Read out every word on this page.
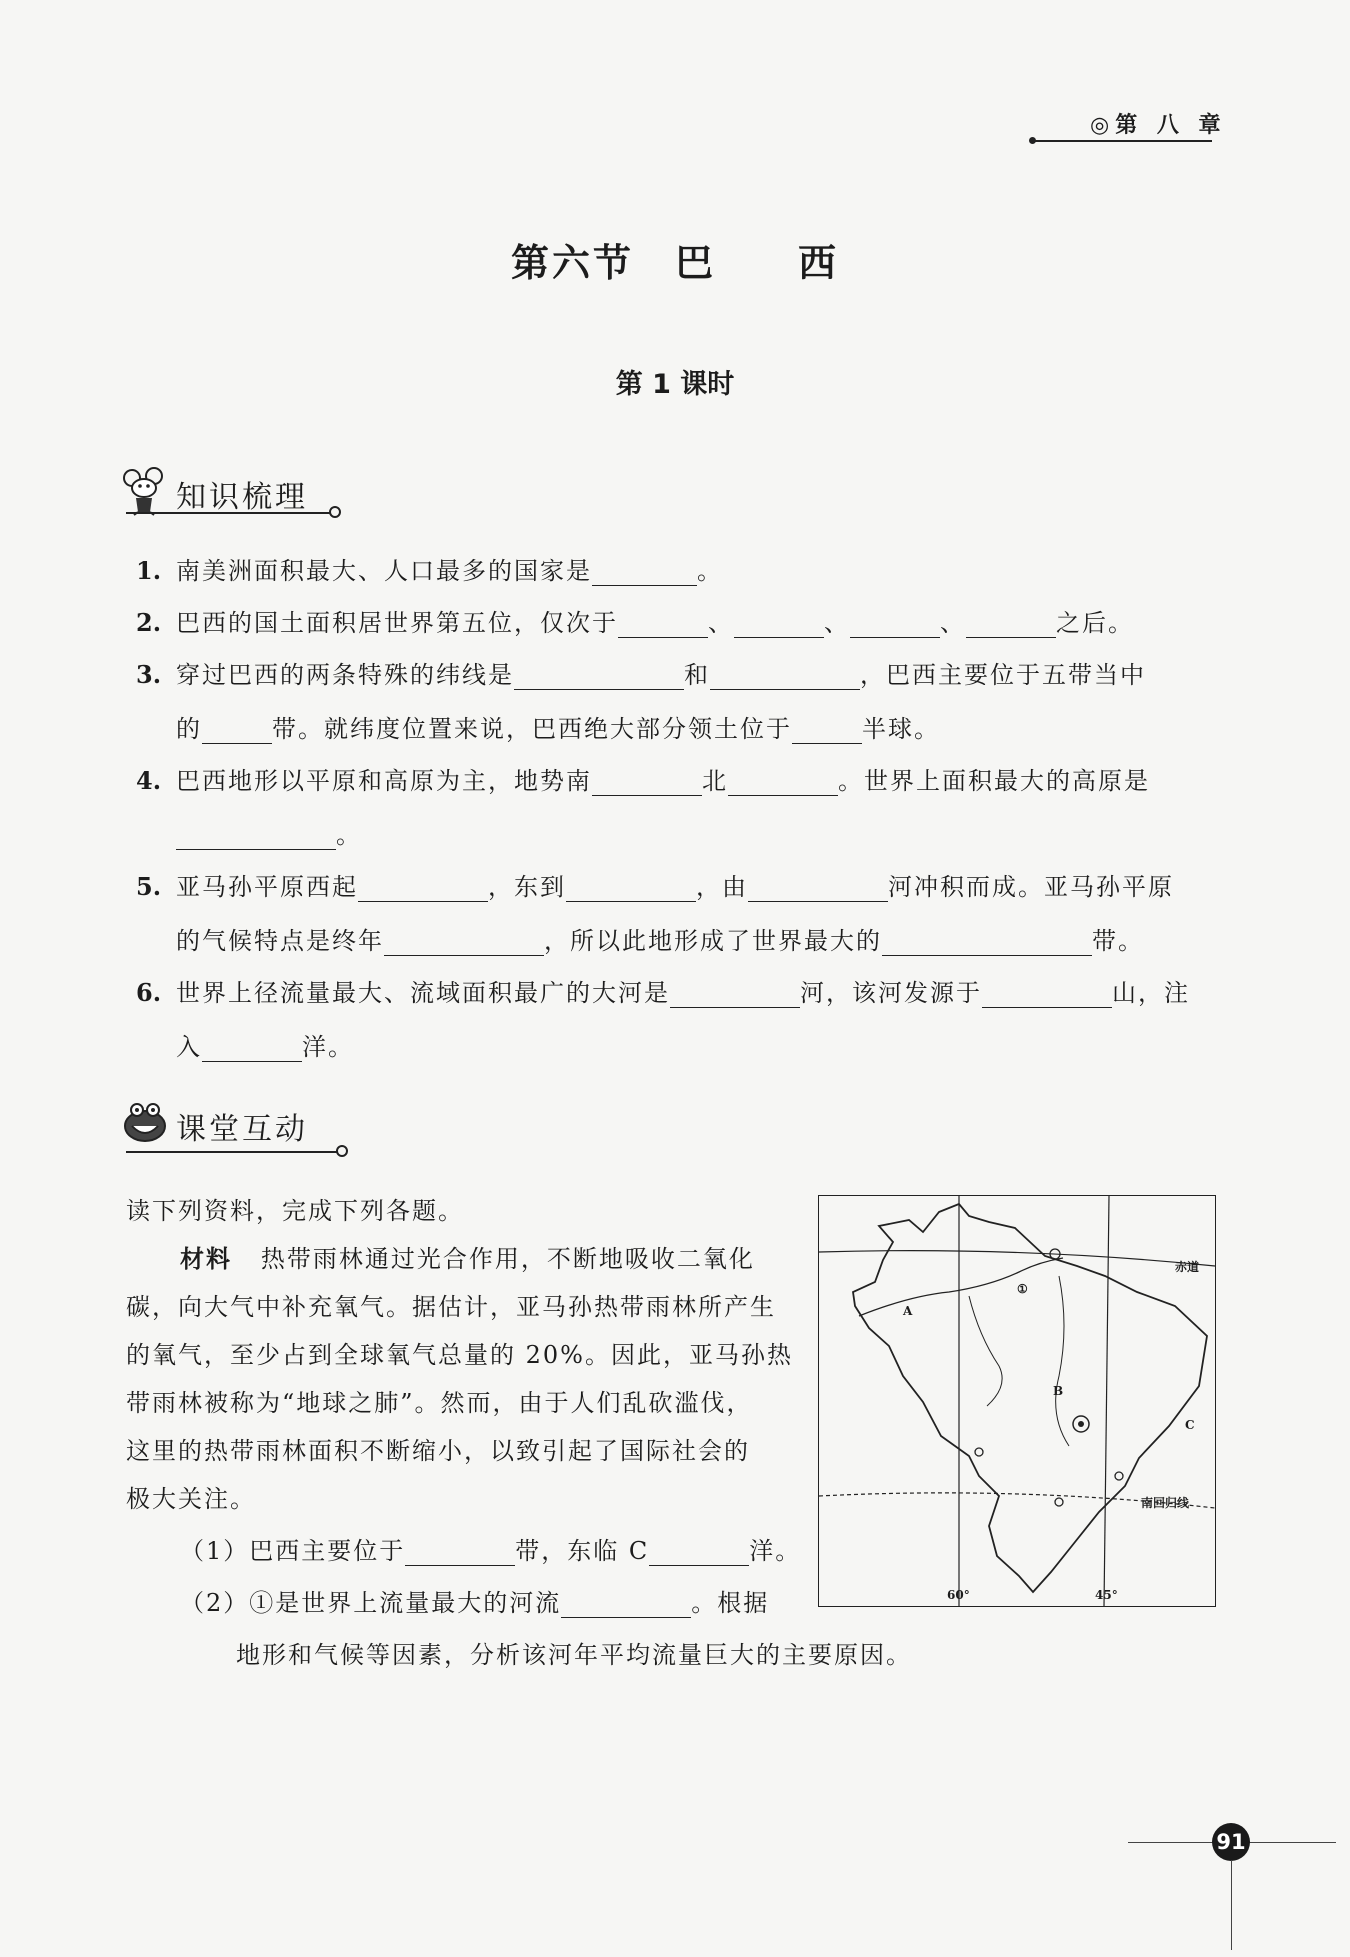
◎第 八 章
第六节　巴　　西
第 1 课时
知识梳理
1. 南美洲面积最大、人口最多的国家是	。
2. 巴西的国土面积居世界第五位，仅次于	、	、	、	之后。
3. 穿过巴西的两条特殊的纬线是	和	，巴西主要位于五带当中
的	带。就纬度位置来说，巴西绝大部分领土位于	半球。
4. 巴西地形以平原和高原为主，地势南	北	。世界上面积最大的高原是
。
5. 亚马孙平原西起	，东到	，由	河冲积而成。亚马孙平原
的气候特点是终年	，所以此地形成了世界最大的	带。
6. 世界上径流量最大、流域面积最广的大河是	河，该河发源于	山，注
入	洋。
课堂互动
读下列资料，完成下列各题。
材料 热带雨林通过光合作用，不断地吸收二氧化
碳，向大气中补充氧气。据估计，亚马孙热带雨林所产生
的氧气，至少占到全球氧气总量的 20%。因此，亚马孙热
带雨林被称为“地球之肺”。然而，由于人们乱砍滥伐，
这里的热带雨林面积不断缩小，以致引起了国际社会的
极大关注。
（1）巴西主要位于	带，东临 C	洋。
（2）①是世界上流量最大的河流	。根据
地形和气候等因素，分析该河年平均流量巨大的主要原因。
赤道
南回归线
A
B
C
①
60°	45°
91
